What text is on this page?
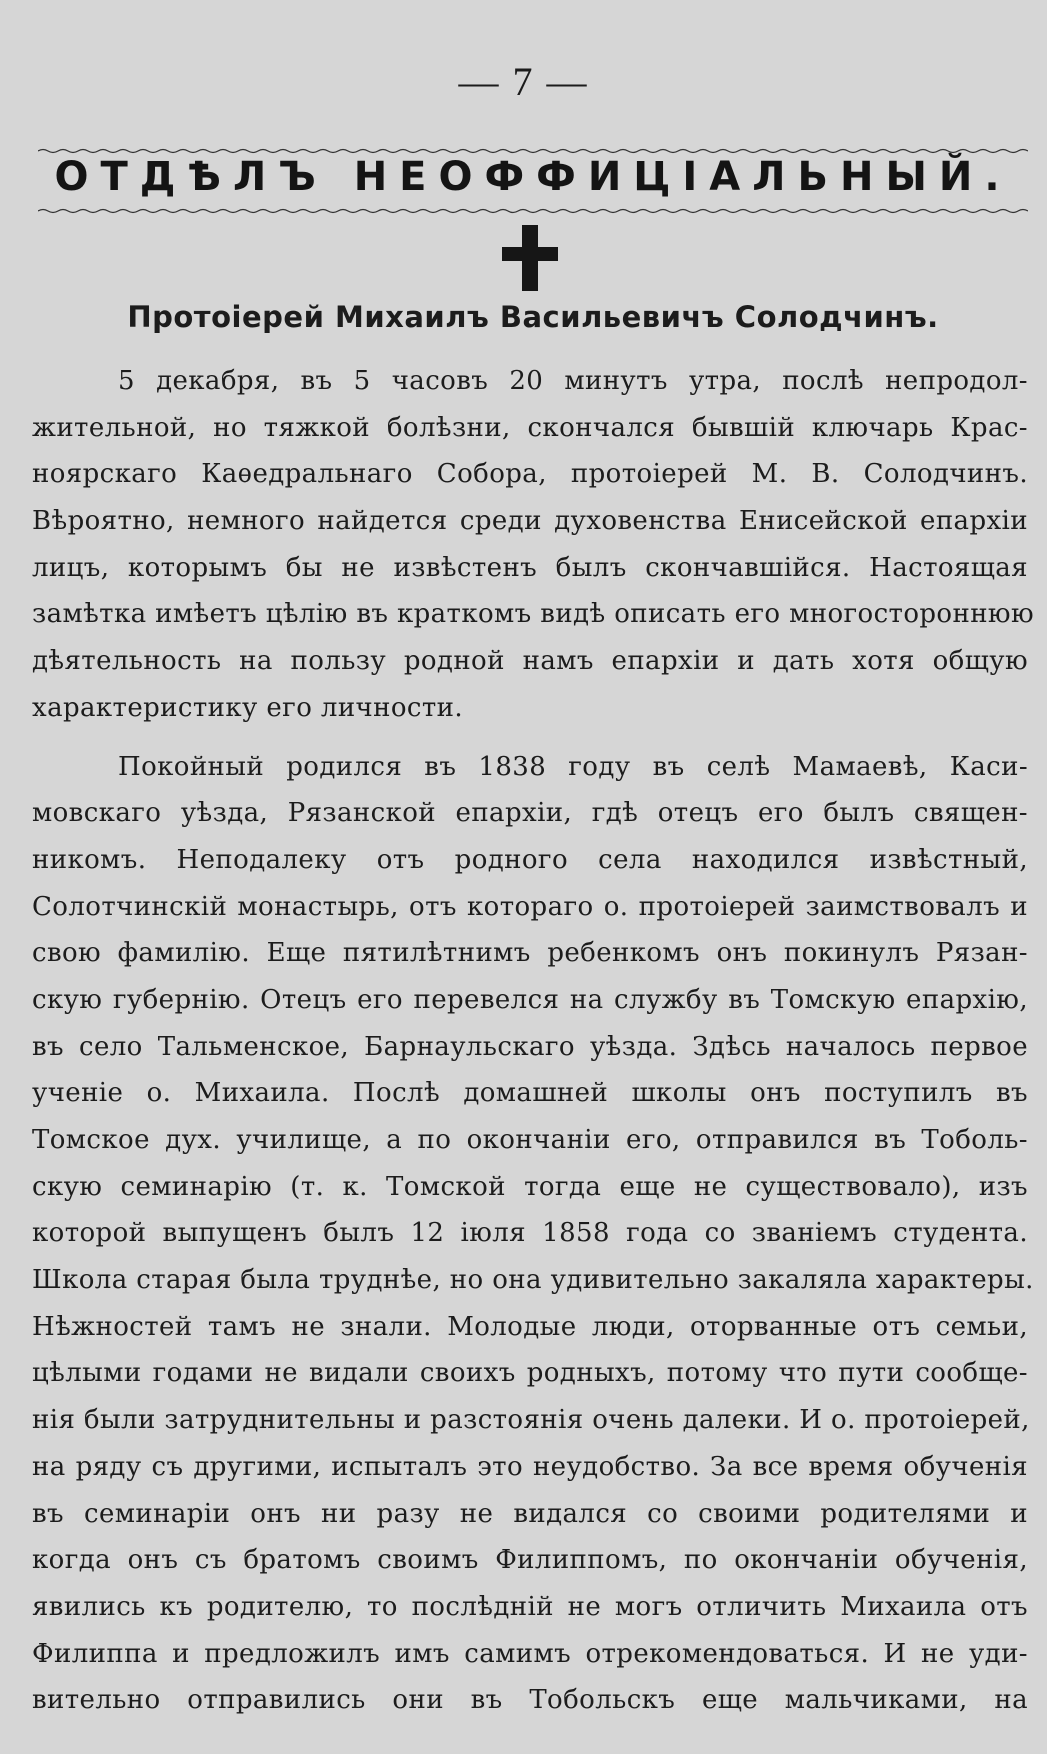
— 7 —
ОТДѢЛЪ НЕОФФИЦІАЛЬНЫЙ.
Протоіерей Михаилъ Васильевичъ Солодчинъ.
5 декабря, въ 5 часовъ 20 минутъ утра, послѣ непродол-
жительной, но тяжкой болѣзни, скончался бывшій ключарь Крас-
ноярскаго Каѳедральнаго Собора, протоіерей М. В. Солодчинъ.
Вѣроятно, немного найдется среди духовенства Енисейской епархіи
лицъ, которымъ бы не извѣстенъ былъ скончавшійся. Настоящая
замѣтка имѣетъ цѣлію въ краткомъ видѣ описать его многостороннюю
дѣятельность на пользу родной намъ епархіи и дать хотя общую
характеристику его личности.
Покойный родился въ 1838 году въ селѣ Мамаевѣ, Каси-
мовскаго уѣзда, Рязанской епархіи, гдѣ отецъ его былъ священ-
никомъ. Неподалеку отъ родного села находился извѣстный,
Солотчинскій монастырь, отъ котораго о. протоіерей заимствовалъ и
свою фамилію. Еще пятилѣтнимъ ребенкомъ онъ покинулъ Рязан-
скую губернію. Отецъ его перевелся на службу въ Томскую епархію,
въ село Тальменское, Барнаульскаго уѣзда. Здѣсь началось первое
ученіе о. Михаила. Послѣ домашней школы онъ поступилъ въ
Томское дух. училище, а по окончаніи его, отправился въ Тоболь-
скую семинарію (т. к. Томской тогда еще не существовало), изъ
которой выпущенъ былъ 12 іюля 1858 года со званіемъ студента.
Школа старая была труднѣе, но она удивительно закаляла характеры.
Нѣжностей тамъ не знали. Молодые люди, оторванные отъ семьи,
цѣлыми годами не видали своихъ родныхъ, потому что пути сообще-
нія были затруднительны и разстоянія очень далеки. И о. протоіерей,
на ряду съ другими, испыталъ это неудобство. За все время обученія
въ семинаріи онъ ни разу не видался со своими родителями и
когда онъ съ братомъ своимъ Филиппомъ, по окончаніи обученія,
явились къ родителю, то послѣдній не могъ отличить Михаила отъ
Филиппа и предложилъ имъ самимъ отрекомендоваться. И не уди-
вительно отправились они въ Тобольскъ еще мальчиками, на
